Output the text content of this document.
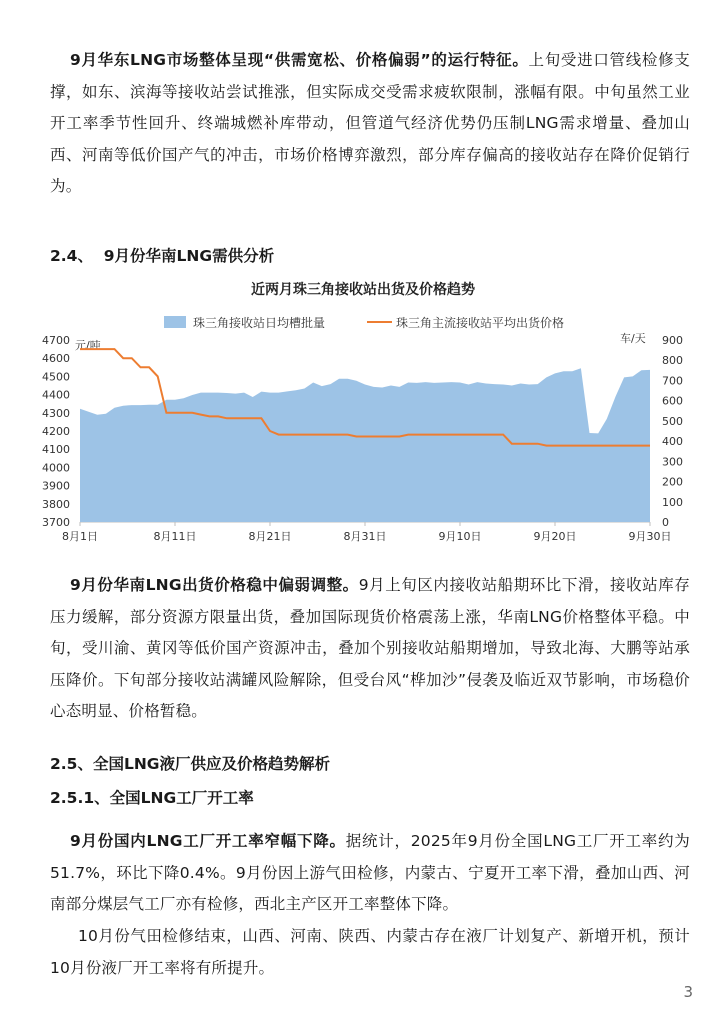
9月华东LNG市场整体呈现“供需宽松、价格偏弱”的运行特征。上旬受进口管线检修支撑，如东、滨海等接收站尝试推涨，但实际成交受需求疲软限制，涨幅有限。中旬虽然工业开工率季节性回升、终端城燃补库带动，但管道气经济优势仍压制LNG需求增量、叠加山西、河南等低价国产气的冲击，市场价格博弈激烈，部分库存偏高的接收站存在降价促销行为。
2.4、  9月份华南LNG需供分析
近两月珠三角接收站出货及价格趋势
珠三角接收站日均槽批量	珠三角主流接收站平均出货价格
元/吨
车/天
4700
4600
4500
4400
4300
4200
4100
4000
3900
3800
3700
900
800
700
600
500
400
300
200
100
0
8月1日	8月11日	8月21日	8月31日	9月10日	9月20日	9月30日
9月份华南LNG出货价格稳中偏弱调整。9月上旬区内接收站船期环比下滑，接收站库存压力缓解，部分资源方限量出货，叠加国际现货价格震荡上涨，华南LNG价格整体平稳。中旬，受川渝、黄冈等低价国产资源冲击，叠加个别接收站船期增加，导致北海、大鹏等站承压降价。下旬部分接收站满罐风险解除，但受台风“桦加沙”侵袭及临近双节影响，市场稳价心态明显、价格暂稳。
2.5、全国LNG液厂供应及价格趋势解析
2.5.1、全国LNG工厂开工率
9月份国内LNG工厂开工率窄幅下降。据统计，2025年9月份全国LNG工厂开工率约为51.7%，环比下降0.4%。9月份因上游气田检修，内蒙古、宁夏开工率下滑，叠加山西、河南部分煤层气工厂亦有检修，西北主产区开工率整体下降。
10月份气田检修结束，山西、河南、陕西、内蒙古存在液厂计划复产、新增开机，预计10月份液厂开工率将有所提升。
3
